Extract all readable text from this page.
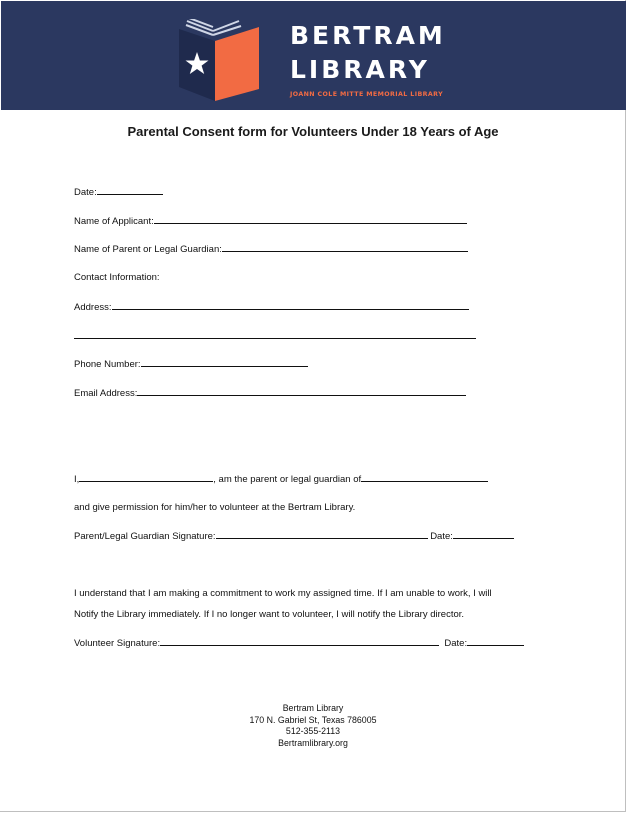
BERTRAM
LIBRARY
JOANN COLE MITTE MEMORIAL LIBRARY
Parental Consent form for Volunteers Under 18 Years of Age
Date:
Name of Applicant:
Name of Parent or Legal Guardian:
Contact Information:
Address:
Phone Number:
Email Address:
I,	, am the parent or legal guardian of
and give permission for him/her to volunteer at the Bertram Library.
Parent/Legal Guardian Signature:	Date:
I understand that I am making a commitment to work my assigned time. If I am unable to work, I will
Notify the Library immediately. If I no longer want to volunteer, I will notify the Library director.
Volunteer Signature:	Date:
Bertram Library
170 N. Gabriel St, Texas 786005
512-355-2113
Bertramlibrary.org
